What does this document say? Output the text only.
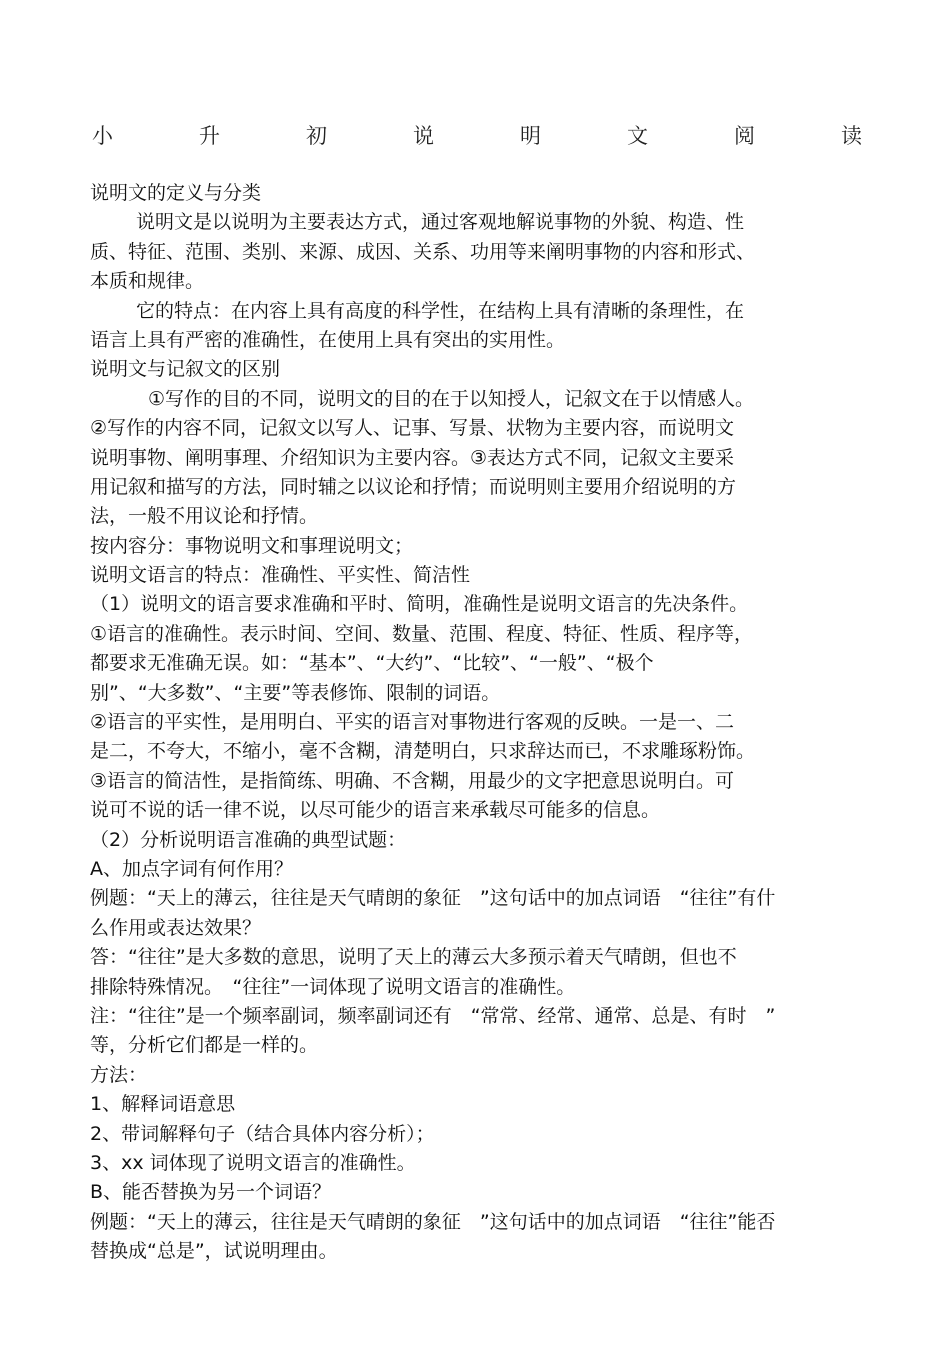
小	升	初	说	明	文	阅	读
说明文的定义与分类
说明文是以说明为主要表达方式，通过客观地解说事物的外貌、构造、性
质、特征、范围、类别、来源、成因、关系、功用等来阐明事物的内容和形式、
本质和规律。
它的特点：在内容上具有高度的科学性，在结构上具有清晰的条理性，在
语言上具有严密的准确性，在使用上具有突出的实用性。
说明文与记叙文的区别
①写作的目的不同，说明文的目的在于以知授人，记叙文在于以情感人。
②写作的内容不同，记叙文以写人、记事、写景、状物为主要内容，而说明文
说明事物、阐明事理、介绍知识为主要内容。③表达方式不同，记叙文主要采
用记叙和描写的方法，同时辅之以议论和抒情；而说明则主要用介绍说明的方
法，一般不用议论和抒情。
按内容分：事物说明文和事理说明文；
说明文语言的特点：准确性、平实性、简洁性
（1）说明文的语言要求准确和平时、简明，准确性是说明文语言的先决条件。
①语言的准确性。表示时间、空间、数量、范围、程度、特征、性质、程序等，
都要求无准确无误。如：“基本”、“大约”、“比较”、“一般”、“极个
别”、“大多数”、“主要”等表修饰、限制的词语。
②语言的平实性，是用明白、平实的语言对事物进行客观的反映。一是一、二
是二，不夸大，不缩小，毫不含糊，清楚明白，只求辞达而已，不求雕琢粉饰。
③语言的简洁性，是指简练、明确、不含糊，用最少的文字把意思说明白。可
说可不说的话一律不说，以尽可能少的语言来承载尽可能多的信息。
（2）分析说明语言准确的典型试题：
A、加点字词有何作用？
例题：“天上的薄云，往往是天气晴朗的象征　”这句话中的加点词语　“往往”有什
么作用或表达效果？
答：“往往”是大多数的意思，说明了天上的薄云大多预示着天气晴朗，但也不
排除特殊情况。　“往往”一词体现了说明文语言的准确性。
注：“往往”是一个频率副词，频率副词还有　“常常、经常、通常、总是、有时　”
等，分析它们都是一样的。
方法：
1、解释词语意思
2、带词解释句子（结合具体内容分析）；
3、xx 词体现了说明文语言的准确性。
B、能否替换为另一个词语？
例题：“天上的薄云，往往是天气晴朗的象征　”这句话中的加点词语　“往往”能否
替换成“总是”，试说明理由。
